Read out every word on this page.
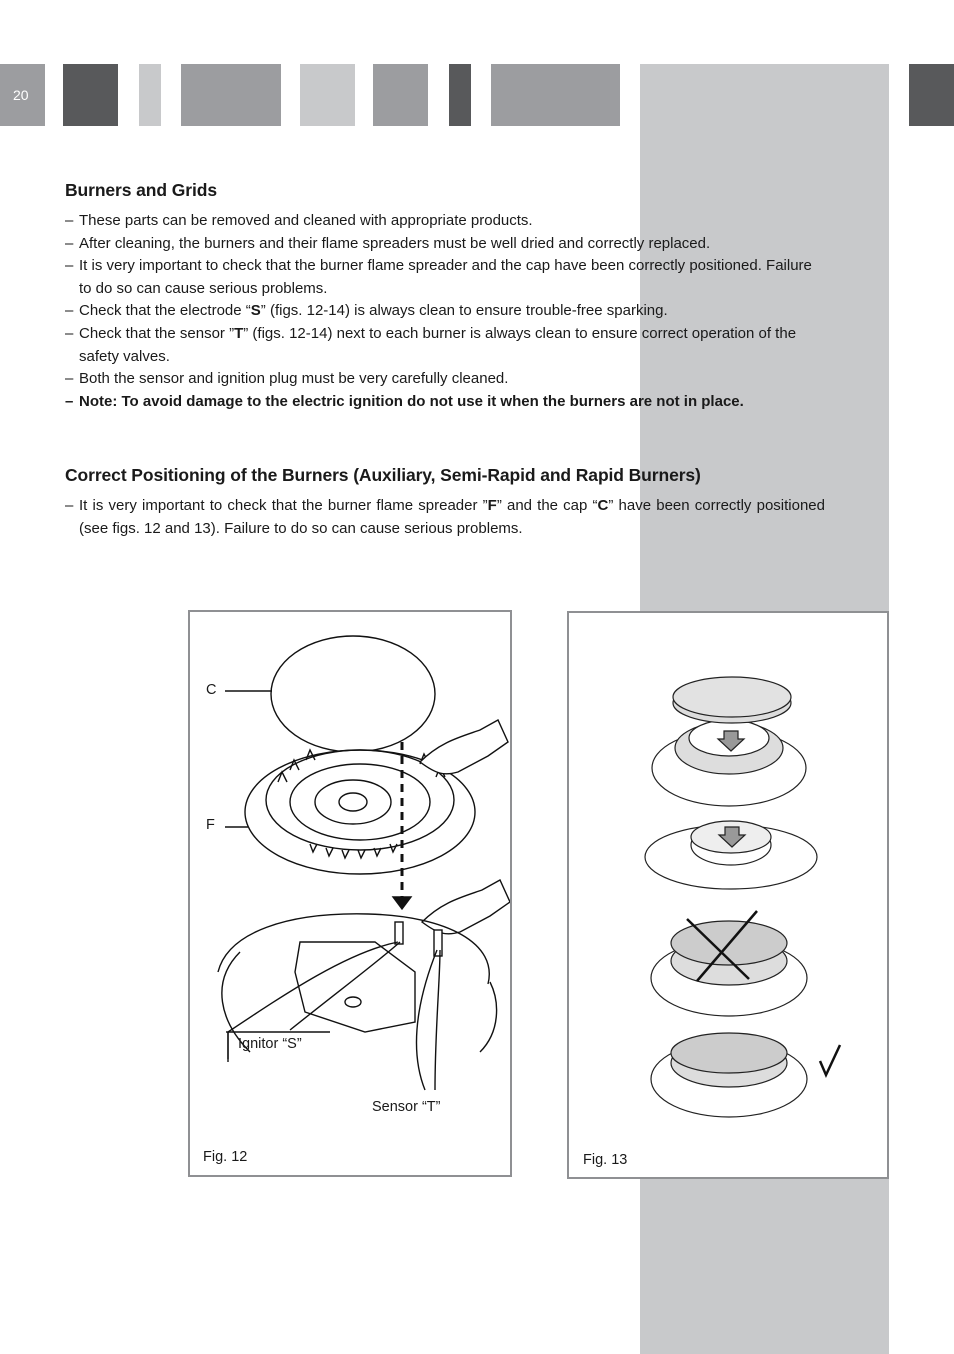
20
Burners and Grids
– These parts can be removed and cleaned with appropriate products.
– After cleaning, the burners and their flame spreaders must be well dried and correctly replaced.
– It is very important to check that the burner flame spreader and the cap have been correctly positioned. Failure to do so can cause serious problems.
– Check that the electrode “S” (figs. 12-14) is always clean to ensure trouble-free sparking.
– Check that the sensor ”T” (figs. 12-14) next to each burner is always clean to ensure correct operation of the safety valves.
– Both the sensor and ignition plug must be very carefully cleaned.
– Note: To avoid damage to the electric ignition do not use it when the burners are not in place.
Correct Positioning of the Burners (Auxiliary, Semi-Rapid and Rapid Burners)
– It is very important to check that the burner flame spreader ”F” and the cap “C” have been correctly positioned (see figs. 12 and 13). Failure to do so can cause serious problems.
C
F
Ignitor “S”
Sensor “T”
Fig. 12	Fig. 13
